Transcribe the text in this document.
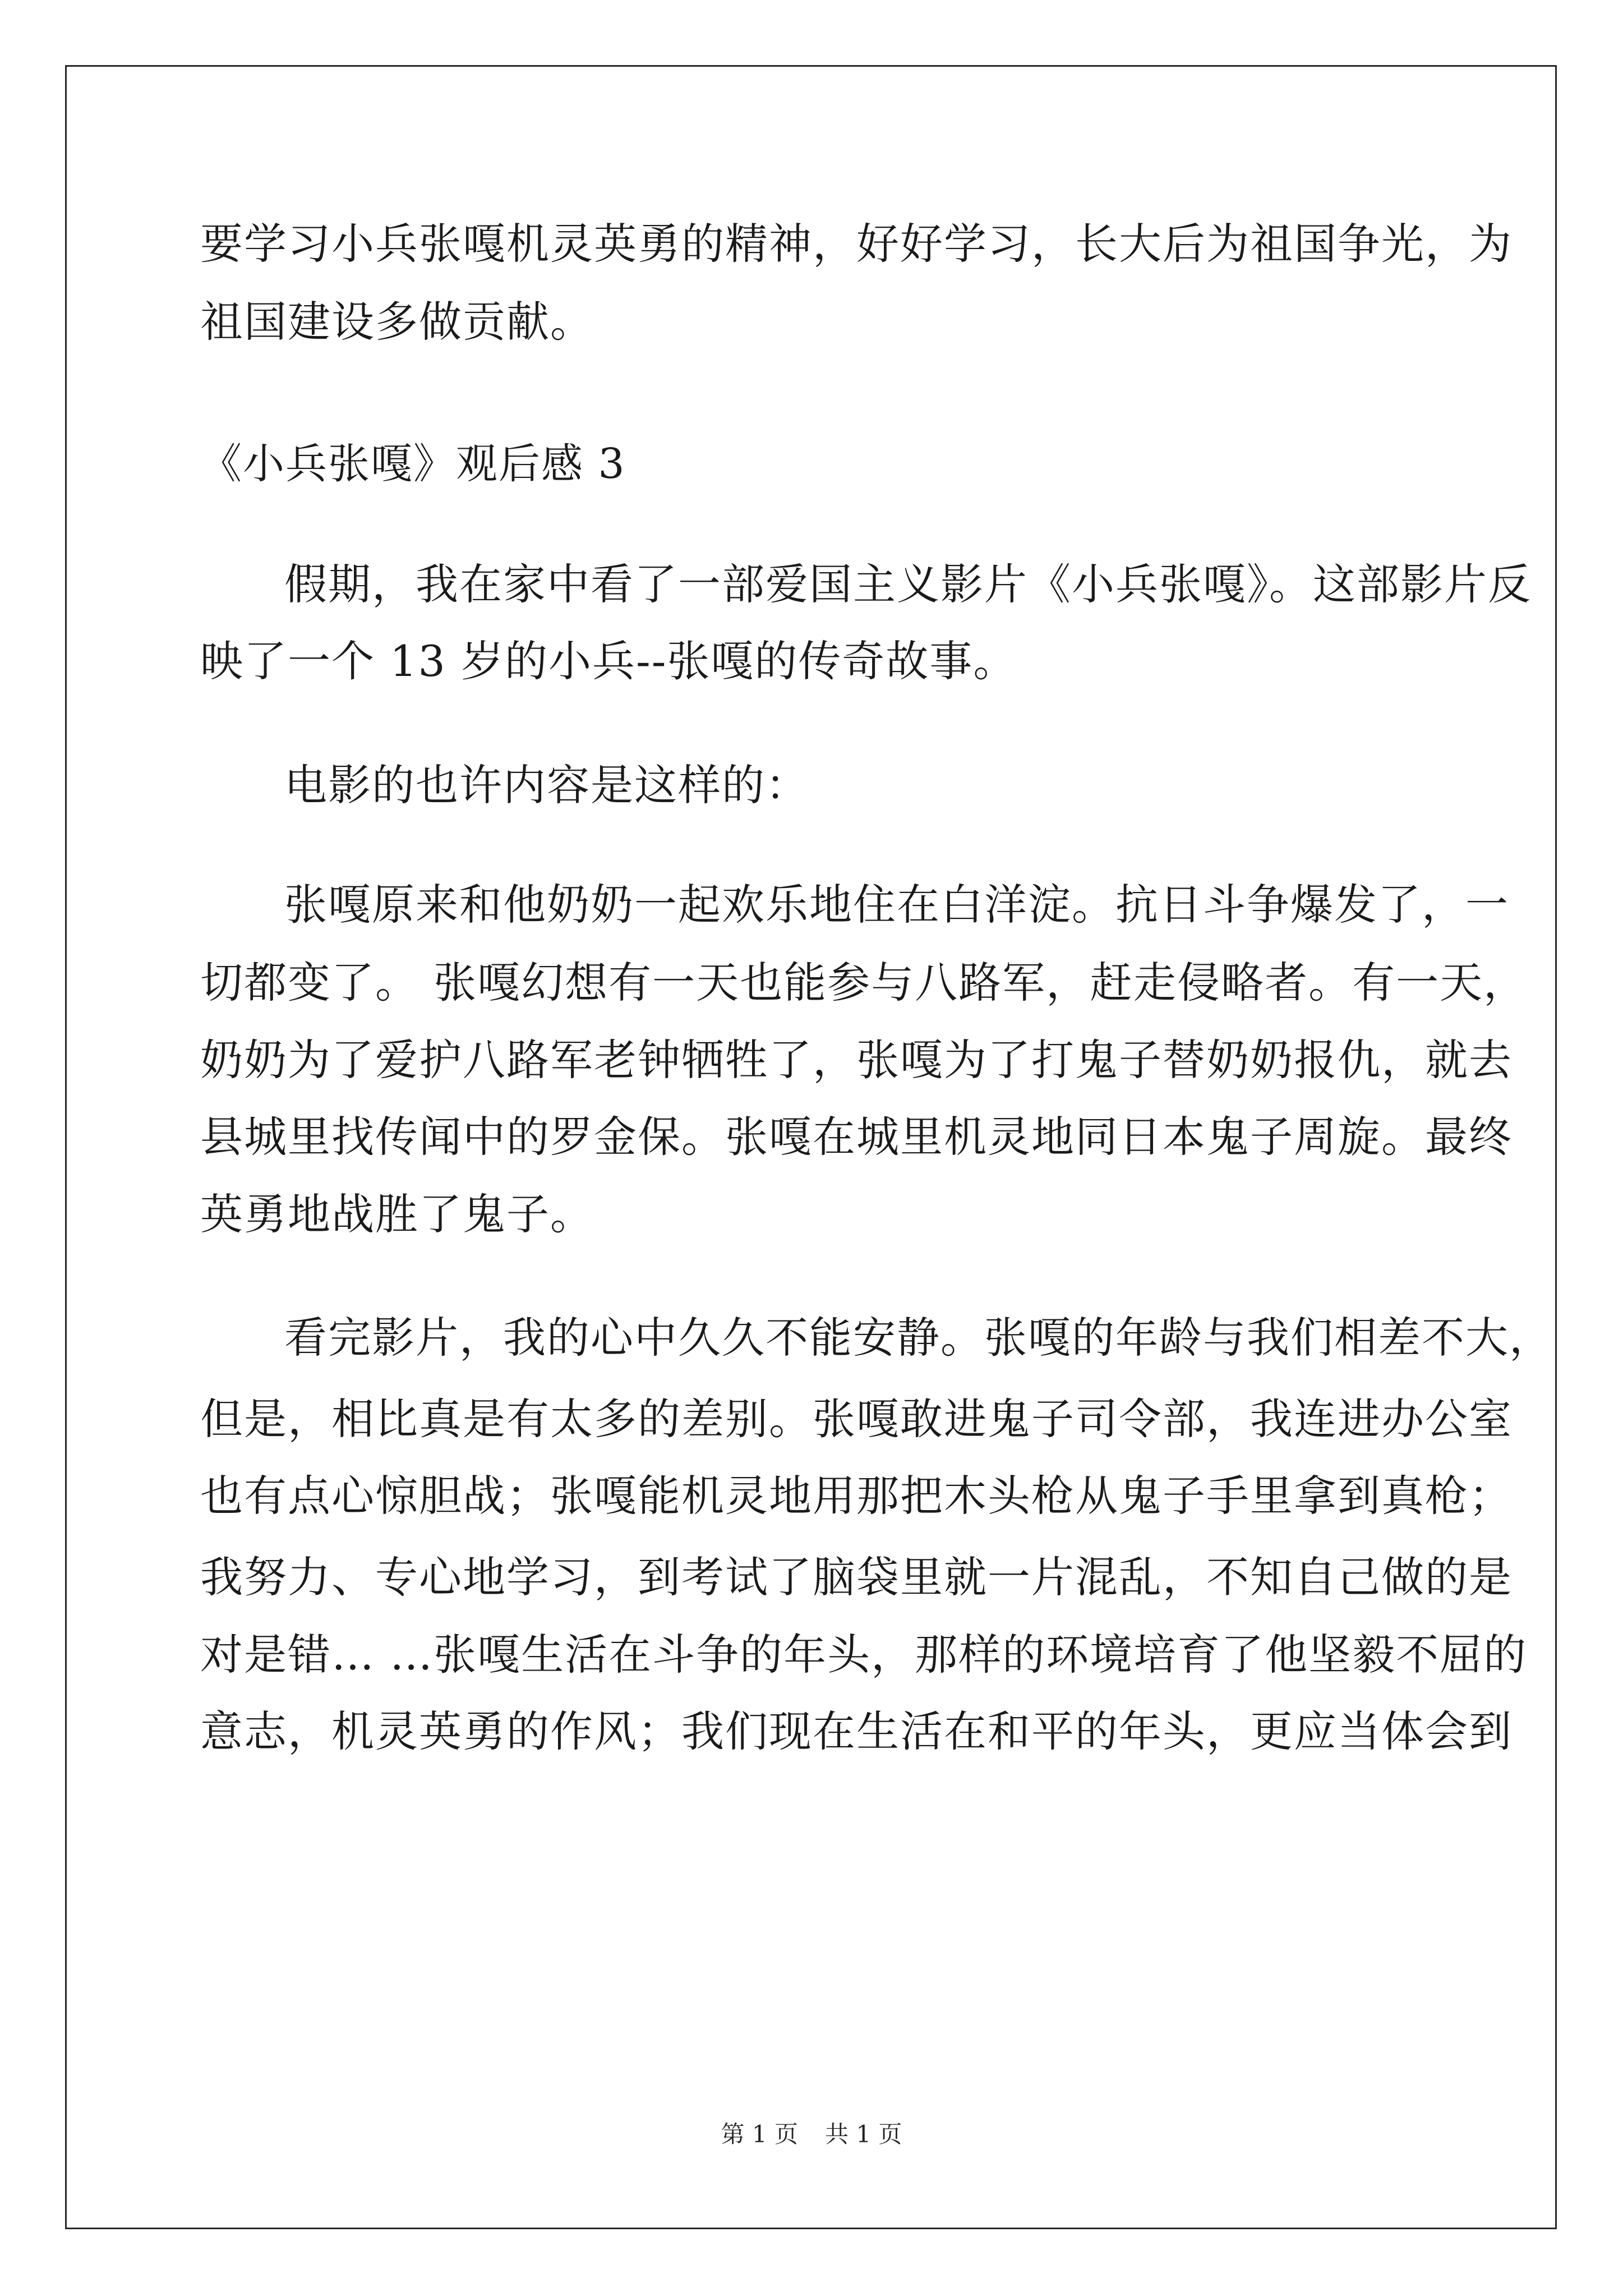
要学习小兵张嘎机灵英勇的精神，好好学习，长大后为祖国争光，为
祖国建设多做贡献。
《小兵张嘎》观后感 3
假期，我在家中看了一部爱国主义影片《小兵张嘎》。这部影片反
映了一个 13 岁的小兵--张嘎的传奇故事。
电影的也许内容是这样的：
张嘎原来和他奶奶一起欢乐地住在白洋淀。抗日斗争爆发了，一
切都变了。 张嘎幻想有一天也能参与八路军，赶走侵略者。有一天，
奶奶为了爱护八路军老钟牺牲了，张嘎为了打鬼子替奶奶报仇，就去
县城里找传闻中的罗金保。张嘎在城里机灵地同日本鬼子周旋。最终
英勇地战胜了鬼子。
看完影片，我的心中久久不能安静。张嘎的年龄与我们相差不大，
但是，相比真是有太多的差别。张嘎敢进鬼子司令部，我连进办公室
也有点心惊胆战；张嘎能机灵地用那把木头枪从鬼子手里拿到真枪；
我努力、专心地学习，到考试了脑袋里就一片混乱，不知自己做的是
对是错… …张嘎生活在斗争的年头，那样的环境培育了他坚毅不屈的
意志，机灵英勇的作风；我们现在生活在和平的年头，更应当体会到
第 1 页 共 1 页
